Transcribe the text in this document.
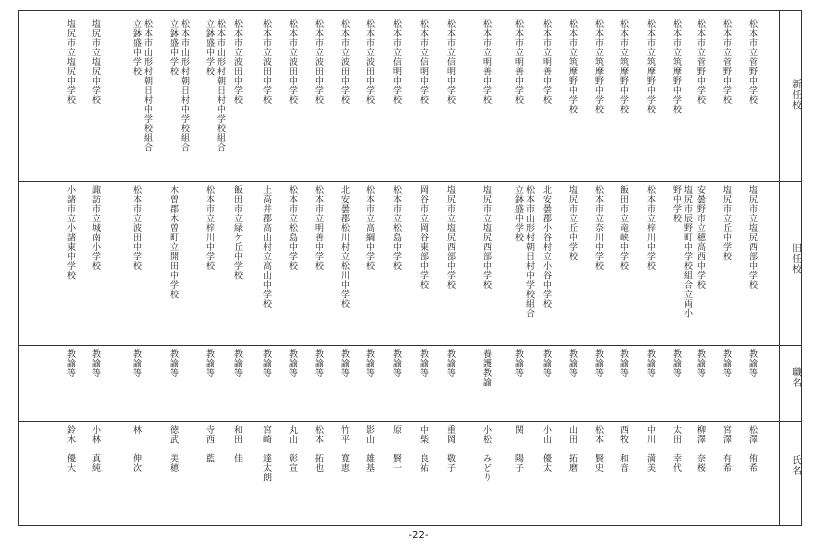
新任校
旧任校
職名
氏名
松本市立菅野中学校
塩尻市立塩尻西部中学校
教諭等
松澤　侑希
松本市立菅野中学校
塩尻市立丘中学校
教諭等
宮澤　有希
松本市立菅野中学校
安曇野市立穂高西中学校
教諭等
柳澤　奈桜
松本市立筑摩野中学校
塩尻市辰野町中学校組合立両小
野中学校
教諭等
太田　幸代
松本市立筑摩野中学校
松本市立梓川中学校
教諭等
中川　満美
松本市立筑摩野中学校
飯田市立竜峡中学校
教諭等
西牧　和音
松本市立筑摩野中学校
松本市立奈川中学校
教諭等
松本　賢史
松本市立筑摩野中学校
塩尻市立丘中学校
教諭等
山田　拓磨
松本市立明善中学校
北安曇郡小谷村立小谷中学校
教諭等
小山　優太
松本市立明善中学校
松本市山形村朝日村中学校組合
立鉢盛中学校
教諭等
関　　陽子
松本市立明善中学校
塩尻市立塩尻西部中学校
養護教諭
小松　みどり
松本市立信明中学校
塩尻市立塩尻西部中学校
教諭等
重岡　敬子
松本市立信明中学校
岡谷市立岡谷東部中学校
教諭等
中柴　良祐
松本市立信明中学校
松本市立松島中学校
教諭等
原　　賢一
松本市立波田中学校
松本市立高綱中学校
教諭等
影山　雄基
松本市立波田中学校
北安曇郡松川村立松川中学校
教諭等
竹平　寛恵
松本市立波田中学校
松本市立明善中学校
教諭等
松本　拓也
松本市立波田中学校
松本市立松島中学校
教諭等
丸山　彰宣
松本市立波田中学校
上高井郡高山村立高山中学校
教諭等
宮崎　達太朗
松本市立波田中学校
飯田市立緑ケ丘中学校
教諭等
和田　佳
松本市山形村朝日村中学校組合
立鉢盛中学校
松本市立梓川中学校
教諭等
寺西　藍
松本市山形村朝日村中学校組合
立鉢盛中学校
木曽郡木曽町立開田中学校
教諭等
徳武　美穂
松本市山形村朝日村中学校組合
立鉢盛中学校
松本市立波田中学校
教諭等
林　　伸次
塩尻市立塩尻中学校
諏訪市立城南小学校
教諭等
小林　真純
塩尻市立塩尻中学校
小諸市立小諸東中学校
教諭等
鈴木　優大
-22-
